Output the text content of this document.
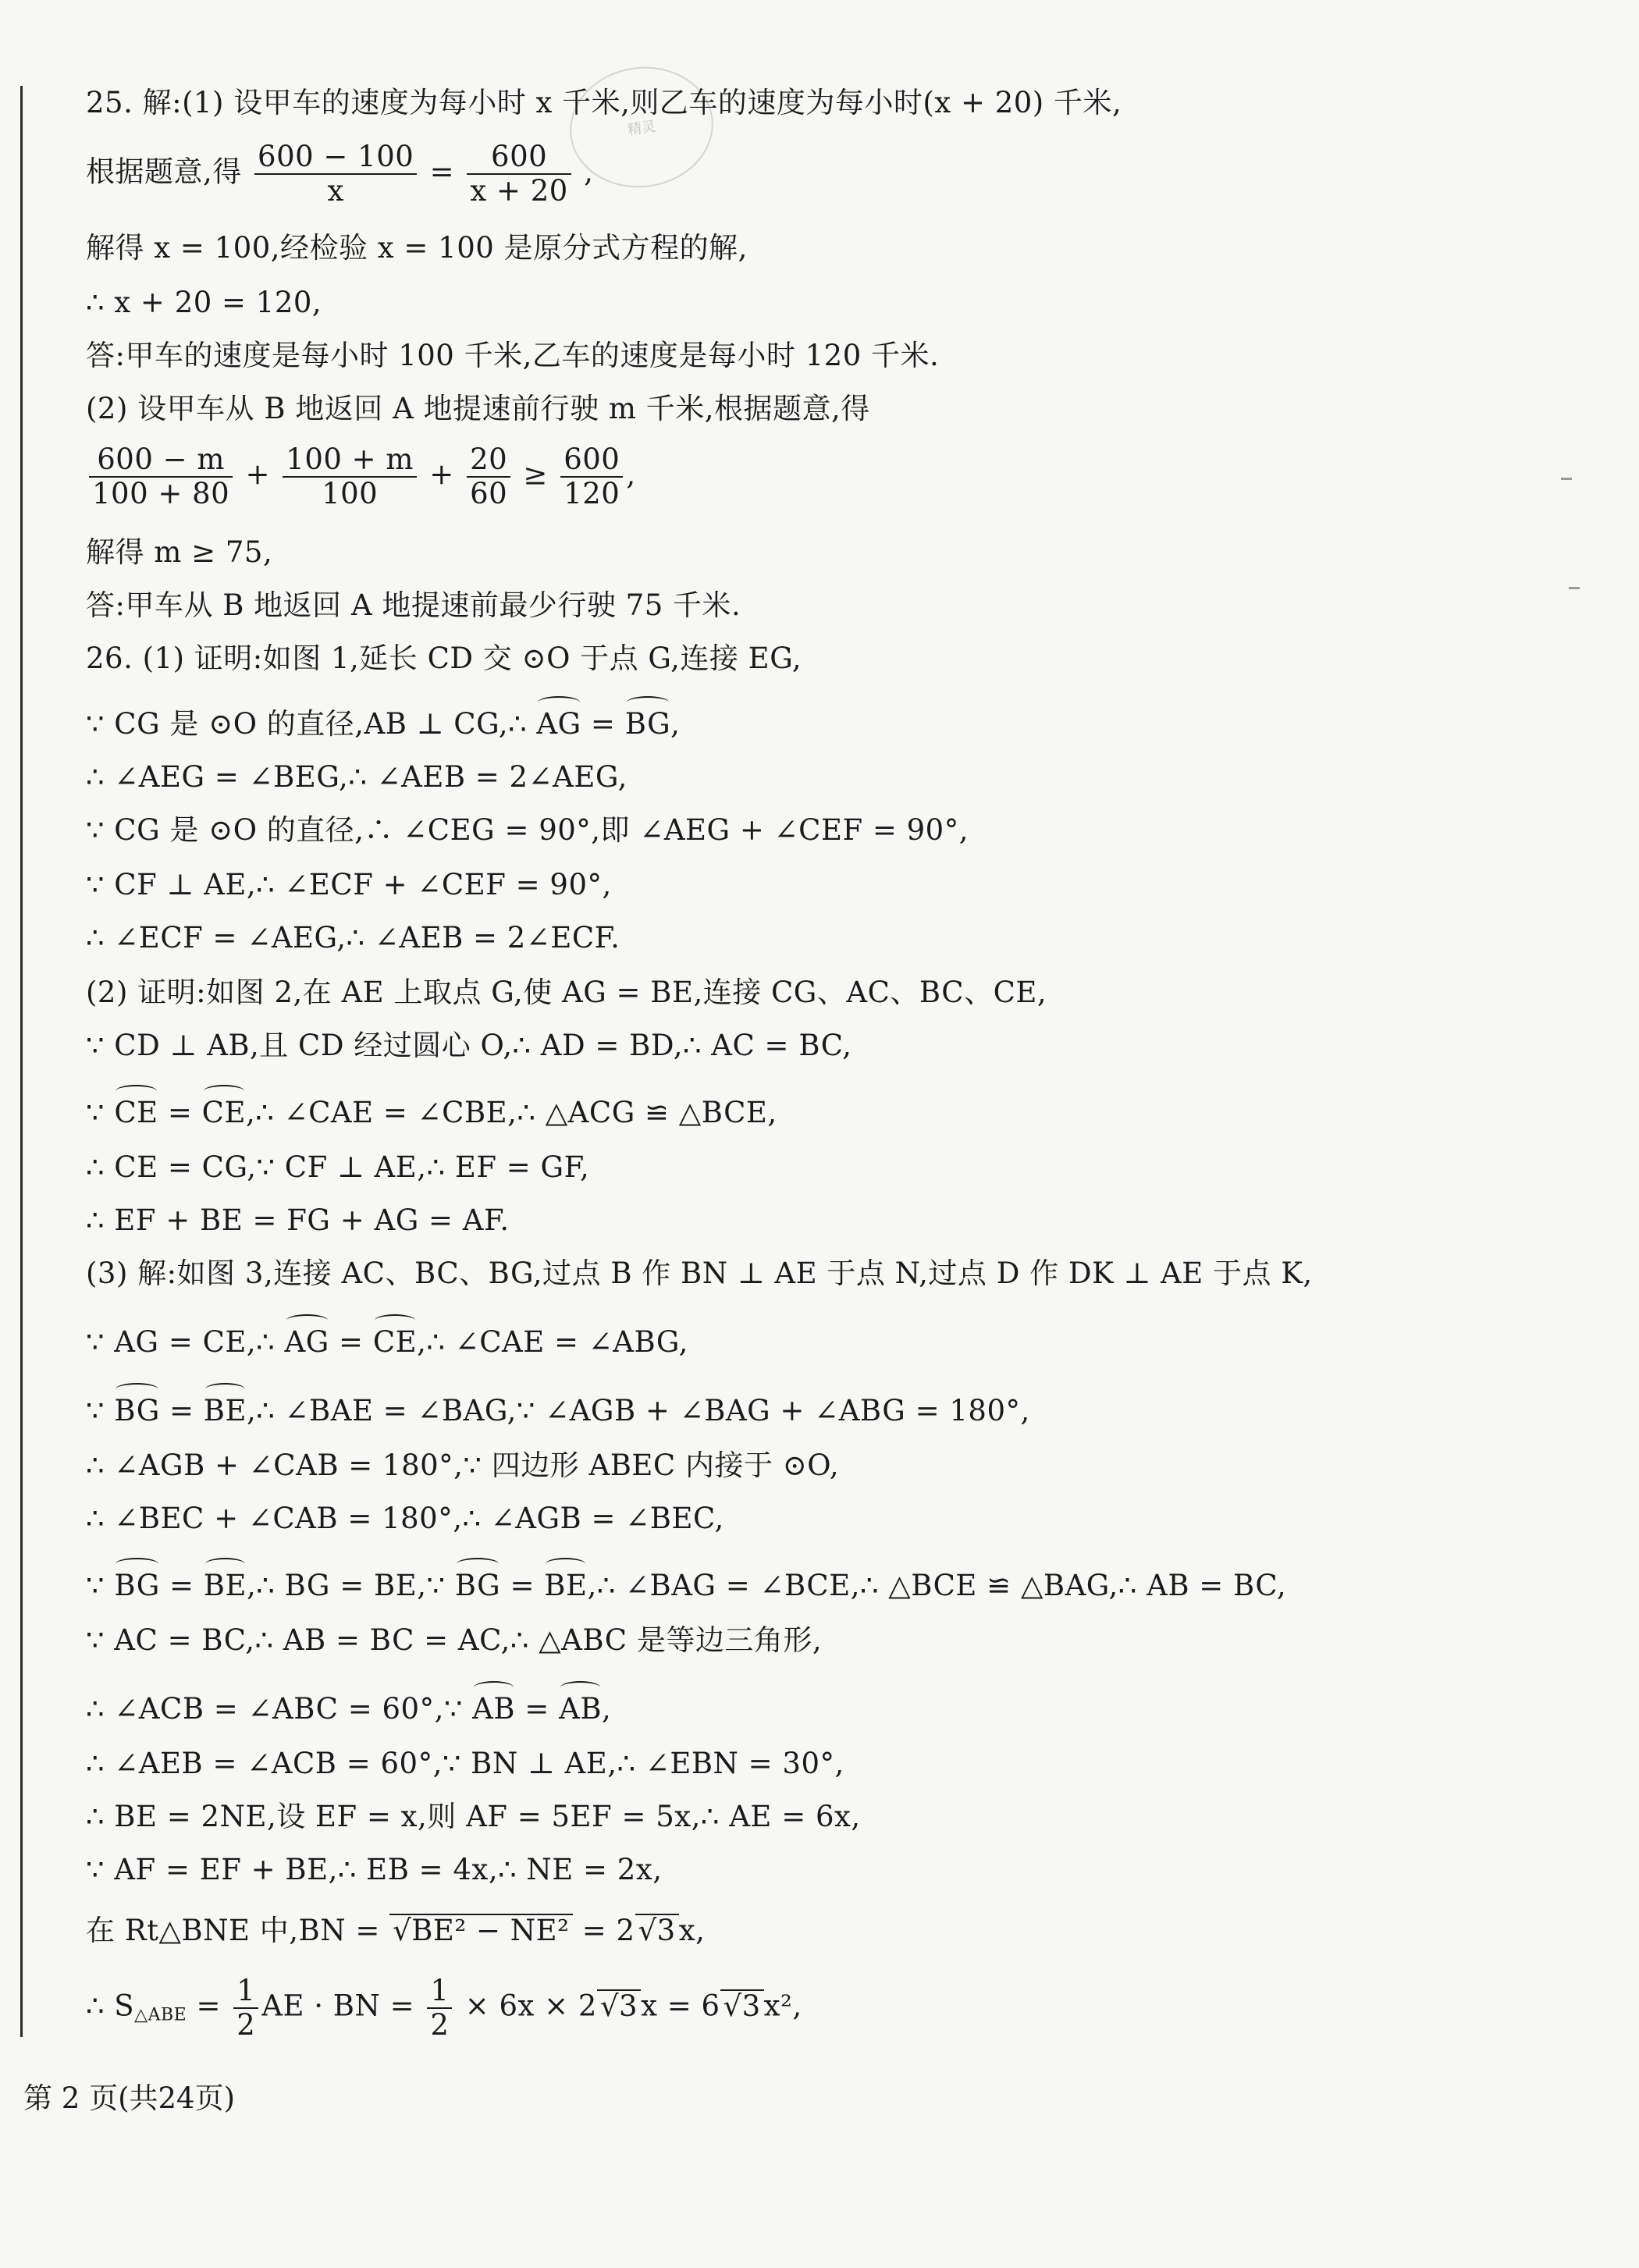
精灵
25. 解:(1) 设甲车的速度为每小时 x 千米,则乙车的速度为每小时(x + 20) 千米,
根据题意,得 $\frac{600 - 100}{x} = \frac{600}{x + 20}$ ,
解得 x = 100,经检验 x = 100 是原分式方程的解,
∴ x + 20 = 120,
答:甲车的速度是每小时 100 千米,乙车的速度是每小时 120 千米.
(2) 设甲车从 B 地返回 A 地提速前行驶 m 千米,根据题意,得
$\frac{600 - m}{100 + 80} + \frac{100 + m}{100} + \frac{20}{60} \ge \frac{600}{120}$ ,
解得 m ≥ 75,
答:甲车从 B 地返回 A 地提速前最少行驶 75 千米.
26. (1) 证明:如图 1,延长 CD 交 ⊙O 于点 G,连接 EG,
∵ CG 是 ⊙O 的直径,AB ⊥ CG,∴ AG = BG,
∴ ∠AEG = ∠BEG,∴ ∠AEB = 2∠AEG,
∵ CG 是 ⊙O 的直径,∴ ∠CEG = 90°,即 ∠AEG + ∠CEF = 90°,
∵ CF ⊥ AE,∴ ∠ECF + ∠CEF = 90°,
∴ ∠ECF = ∠AEG,∴ ∠AEB = 2∠ECF.
(2) 证明:如图 2,在 AE 上取点 G,使 AG = BE,连接 CG、AC、BC、CE,
∵ CD ⊥ AB,且 CD 经过圆心 O,∴ AD = BD,∴ AC = BC,
∵ CE = CE,∴ ∠CAE = ∠CBE,∴ △ACG ≌ △BCE,
∴ CE = CG,∵ CF ⊥ AE,∴ EF = GF,
∴ EF + BE = FG + AG = AF.
(3) 解:如图 3,连接 AC、BC、BG,过点 B 作 BN ⊥ AE 于点 N,过点 D 作 DK ⊥ AE 于点 K,
∵ AG = CE,∴ AG = CE,∴ ∠CAE = ∠ABG,
∵ BG = BE,∴ ∠BAE = ∠BAG,∵ ∠AGB + ∠BAG + ∠ABG = 180°,
∴ ∠AGB + ∠CAB = 180°,∵ 四边形 ABEC 内接于 ⊙O,
∴ ∠BEC + ∠CAB = 180°,∴ ∠AGB = ∠BEC,
∵ BG = BE,∴ BG = BE,∵ BG = BE,∴ ∠BAG = ∠BCE,∴ △BCE ≌ △BAG,∴ AB = BC,
∵ AC = BC,∴ AB = BC = AC,∴ △ABC 是等边三角形,
∴ ∠ACB = ∠ABC = 60°,∵ AB = AB,
∴ ∠AEB = ∠ACB = 60°,∵ BN ⊥ AE,∴ ∠EBN = 30°,
∴ BE = 2NE,设 EF = x,则 AF = 5EF = 5x,∴ AE = 6x,
∵ AF = EF + BE,∴ EB = 4x,∴ NE = 2x,
在 Rt△BNE 中,BN = √BE² − NE² = 2 √3 x,
∴ $S_{\triangle ABE} = \frac{1}{2}$ AE · BN = $\frac{1}{2} \times 6x \times 2$ √3 x = 6 √3 x²,
第 2 页(共24页)
